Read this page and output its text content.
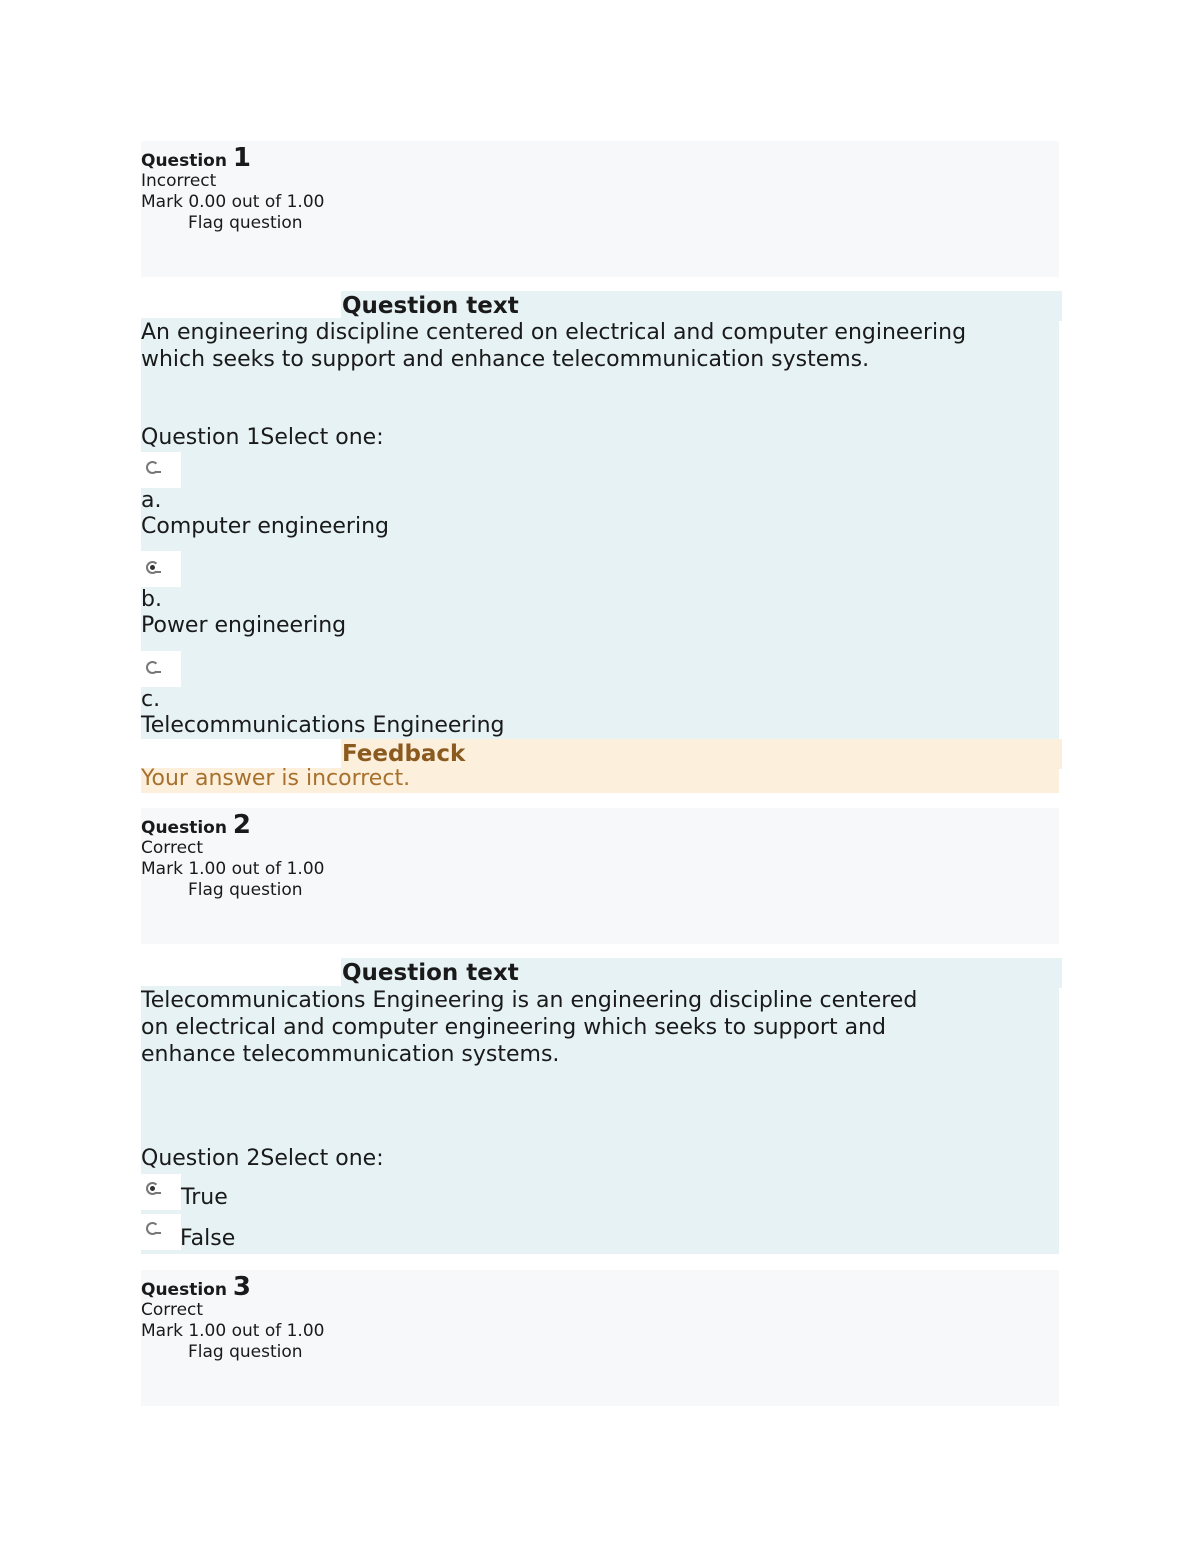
Question 1
Incorrect
Mark 0.00 out of 1.00
Flag question
Question text
An engineering discipline centered on electrical and computer engineering
which seeks to support and enhance telecommunication systems.
Question 1Select one:
a.
Computer engineering
b.
Power engineering
c.
Telecommunications Engineering
Feedback
Your answer is incorrect.
Question 2
Correct
Mark 1.00 out of 1.00
Flag question
Question text
Telecommunications Engineering is an engineering discipline centered
on electrical and computer engineering which seeks to support and
enhance telecommunication systems.
Question 2Select one:
True
False
Question 3
Correct
Mark 1.00 out of 1.00
Flag question
